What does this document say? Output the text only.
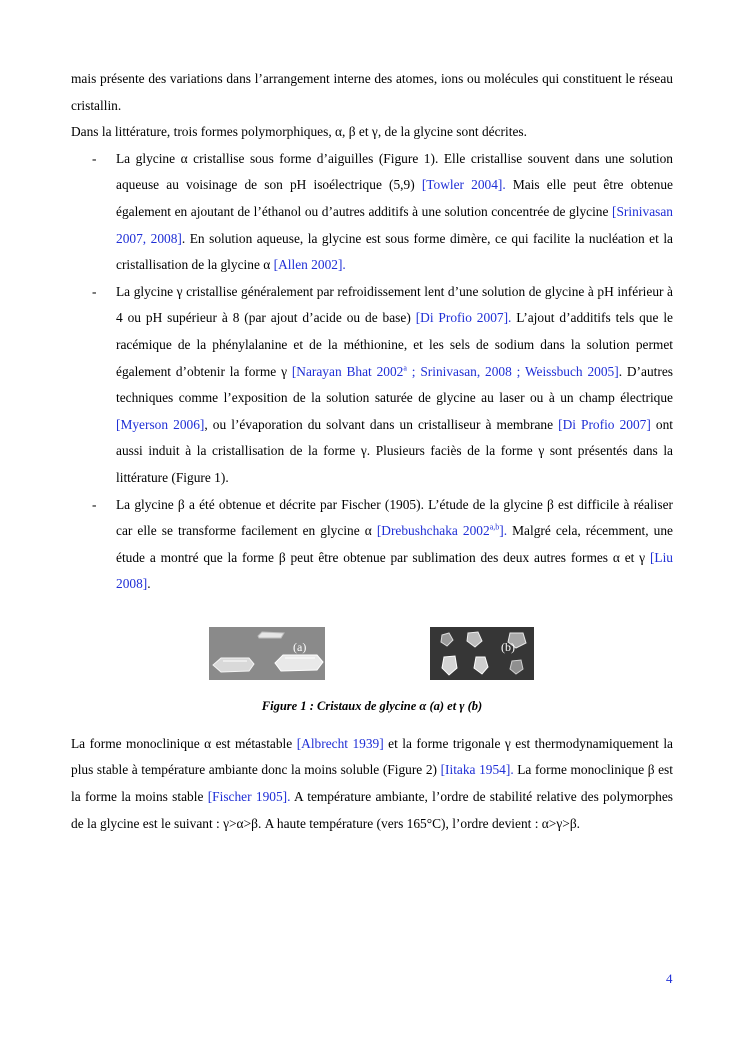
mais présente des variations dans l’arrangement interne des atomes, ions ou molécules qui constituent le réseau cristallin.

Dans la littérature, trois formes polymorphiques, α, β et γ, de la glycine sont décrites.

- La glycine α cristallise sous forme d’aiguilles (Figure 1). Elle cristallise souvent dans une solution aqueuse au voisinage de son pH isoélectrique (5,9) [Towler 2004]. Mais elle peut être obtenue également en ajoutant de l’éthanol ou d’autres additifs à une solution concentrée de glycine [Srinivasan 2007, 2008]. En solution aqueuse, la glycine est sous forme dimère, ce qui facilite la nucléation et la cristallisation de la glycine α [Allen 2002].
- La glycine γ cristallise généralement par refroidissement lent d’une solution de glycine à pH inférieur à 4 ou pH supérieur à 8 (par ajout d’acide ou de base) [Di Profio 2007]. L’ajout d’additifs tels que le racémique de la phénylalanine et de la méthionine, et les sels de sodium dans la solution permet également d’obtenir la forme γ [Narayan Bhat 2002$^a$ ; Srinivasan, 2008 ; Weissbuch 2005]. D’autres techniques comme l’exposition de la solution saturée de glycine au laser ou à un champ électrique [Myerson 2006], ou l’évaporation du solvant dans un cristalliseur à membrane [Di Profio 2007] ont aussi induit à la cristallisation de la forme γ. Plusieurs faciès de la forme γ sont présentés dans la littérature (Figure 1).
- La glycine β a été obtenue et décrite par Fischer (1905). L’étude de la glycine β est difficile à réaliser car elle se transforme facilement en glycine α [Drebushchaka 2002$^{a,b}$]. Malgré cela, récemment, une étude a montré que la forme β peut être obtenue par sublimation des deux autres formes α et γ [Liu 2008].
(a)	(b)

Figure 1 : Cristaux de glycine α (a) et γ (b)

La forme monoclinique α est métastable [Albrecht 1939] et la forme trigonale γ est thermodynamiquement la plus stable à température ambiante donc la moins soluble (Figure 2) [Iitaka 1954]. La forme monoclinique β est la forme la moins stable [Fischer 1905]. A température ambiante, l’ordre de stabilité relative des polymorphes de la glycine est le suivant : γ>α>β. A haute température (vers 165°C), l’ordre devient : α>γ>β.

4
